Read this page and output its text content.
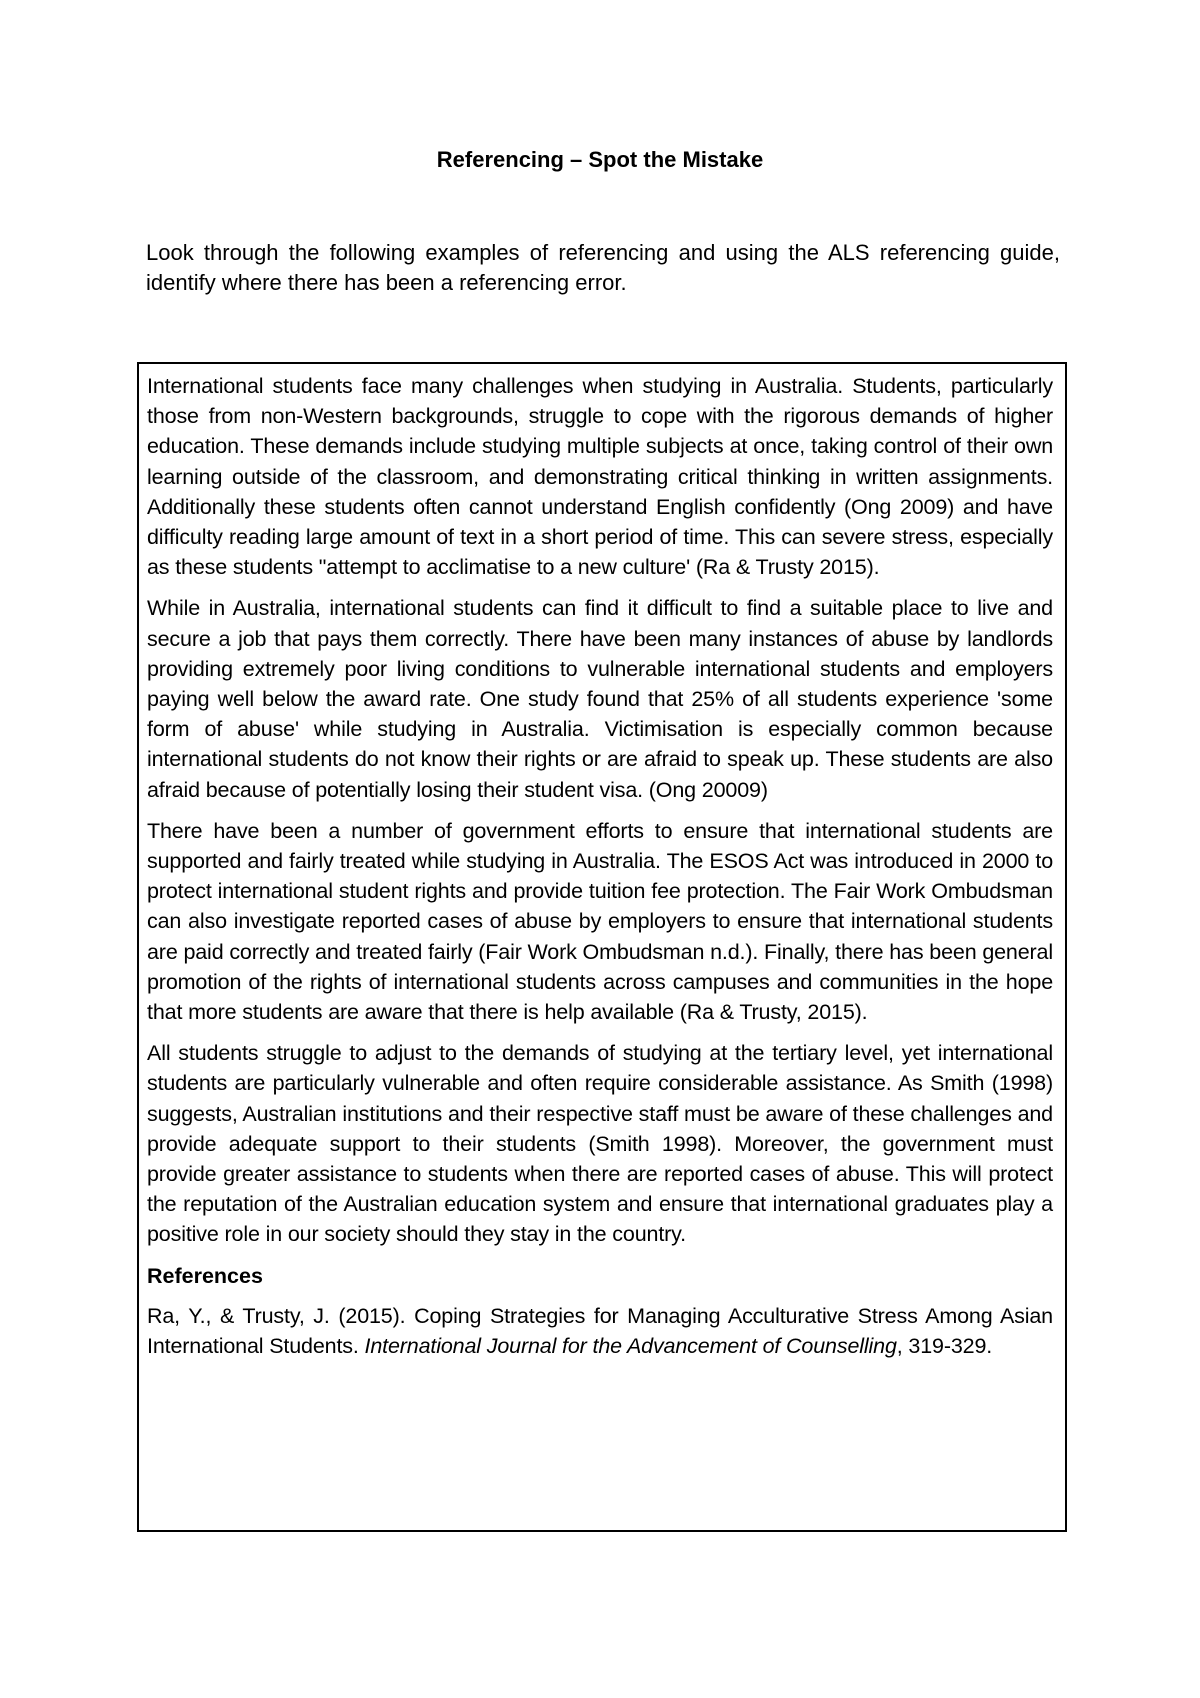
Referencing – Spot the Mistake

Look through the following examples of referencing and using the ALS referencing guide, identify where there has been a referencing error.

International students face many challenges when studying in Australia. Students, particularly those from non-Western backgrounds, struggle to cope with the rigorous demands of higher education. These demands include studying multiple subjects at once, taking control of their own learning outside of the classroom, and demonstrating critical thinking in written assignments. Additionally these students often cannot understand English confidently (Ong 2009) and have difficulty reading large amount of text in a short period of time. This can severe stress, especially as these students "attempt to acclimatise to a new culture' (Ra & Trusty 2015).

While in Australia, international students can find it difficult to find a suitable place to live and secure a job that pays them correctly. There have been many instances of abuse by landlords providing extremely poor living conditions to vulnerable international students and employers paying well below the award rate. One study found that 25% of all students experience 'some form of abuse' while studying in Australia. Victimisation is especially common because international students do not know their rights or are afraid to speak up. These students are also afraid because of potentially losing their student visa. (Ong 20009)

There have been a number of government efforts to ensure that international students are supported and fairly treated while studying in Australia. The ESOS Act was introduced in 2000 to protect international student rights and provide tuition fee protection. The Fair Work Ombudsman can also investigate reported cases of abuse by employers to ensure that international students are paid correctly and treated fairly (Fair Work Ombudsman n.d.). Finally, there has been general promotion of the rights of international students across campuses and communities in the hope that more students are aware that there is help available (Ra & Trusty, 2015).

All students struggle to adjust to the demands of studying at the tertiary level, yet international students are particularly vulnerable and often require considerable assistance. As Smith (1998) suggests, Australian institutions and their respective staff must be aware of these challenges and provide adequate support to their students (Smith 1998). Moreover, the government must provide greater assistance to students when there are reported cases of abuse. This will protect the reputation of the Australian education system and ensure that international graduates play a positive role in our society should they stay in the country.

References

Ra, Y., & Trusty, J. (2015). Coping Strategies for Managing Acculturative Stress Among Asian International Students. International Journal for the Advancement of Counselling, 319-329.
